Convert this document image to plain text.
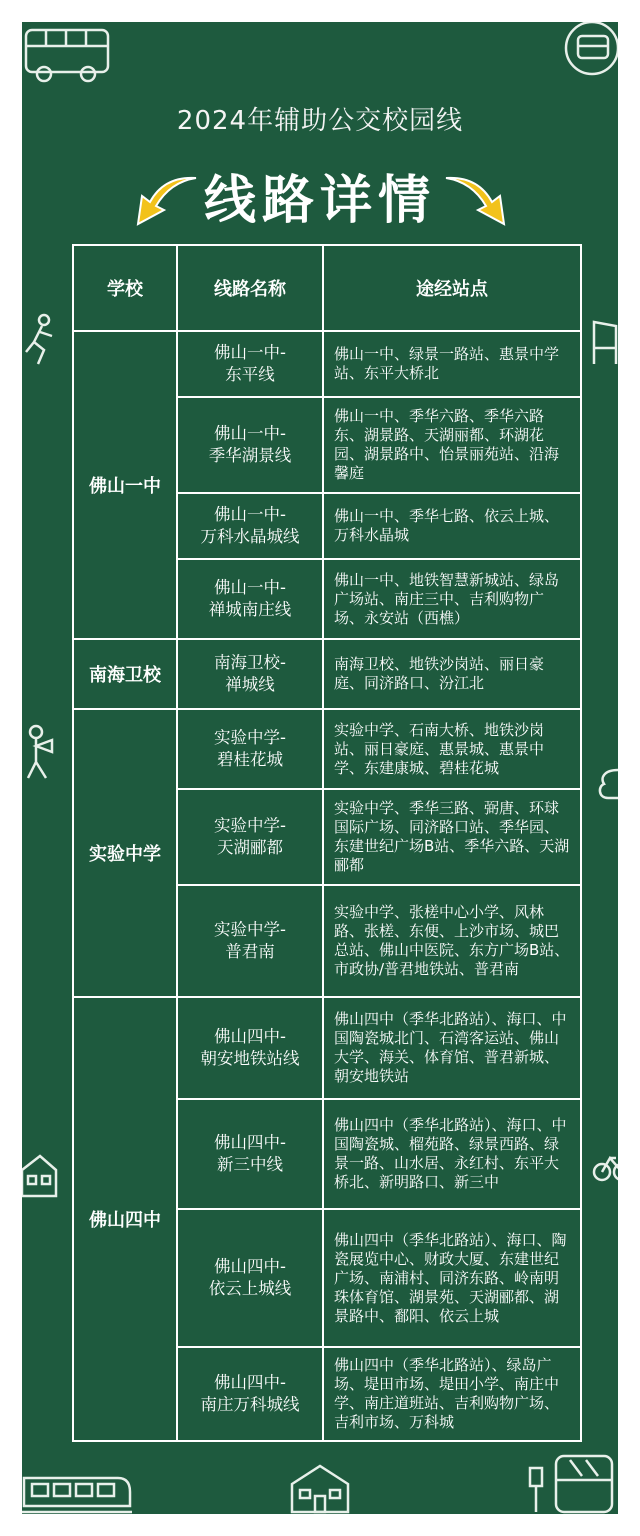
2024年辅助公交校园线
线路详情
学校	线路名称	途经站点
佛山一中	佛山一中-
东平线	佛山一中、绿景一路站、惠景中学站、东平大桥北

	佛山一中-
季华湖景线	佛山一中、季华六路、季华六路东、湖景路、天湖丽都、环湖花园、湖景路中、怡景丽苑站、沿海馨庭

	佛山一中-
万科水晶城线	佛山一中、季华七路、依云上城、万科水晶城

	佛山一中-
禅城南庄线	佛山一中、地铁智慧新城站、绿岛广场站、南庄三中、吉利购物广场、永安站（西樵）
南海卫校	南海卫校-
禅城线	南海卫校、地铁沙岗站、丽日豪庭、同济路口、汾江北
实验中学	实验中学-
碧桂花城	实验中学、石南大桥、地铁沙岗站、丽日豪庭、惠景城、惠景中学、东建康城、碧桂花城

	实验中学-
天湖郦都	实验中学、季华三路、弼唐、环球国际广场、同济路口站、季华园、东建世纪广场B站、季华六路、天湖郦都

	实验中学-
普君南	实验中学、张槎中心小学、风林路、张槎、东便、上沙市场、城巴总站、佛山中医院、东方广场B站、市政协/普君地铁站、普君南
佛山四中	佛山四中-
朝安地铁站线	佛山四中（季华北路站）、海口、中国陶瓷城北门、石湾客运站、佛山大学、海关、体育馆、普君新城、朝安地铁站

	佛山四中-
新三中线	佛山四中（季华北路站）、海口、中国陶瓷城、榴苑路、绿景西路、绿景一路、山水居、永红村、东平大桥北、新明路口、新三中

	佛山四中-
依云上城线	佛山四中（季华北路站）、海口、陶瓷展览中心、财政大厦、东建世纪广场、南浦村、同济东路、岭南明珠体育馆、湖景苑、天湖郦都、湖景路中、鄱阳、依云上城

	佛山四中-
南庄万科城线	佛山四中（季华北路站）、绿岛广场、堤田市场、堤田小学、南庄中学、南庄道班站、吉利购物广场、吉利市场、万科城
